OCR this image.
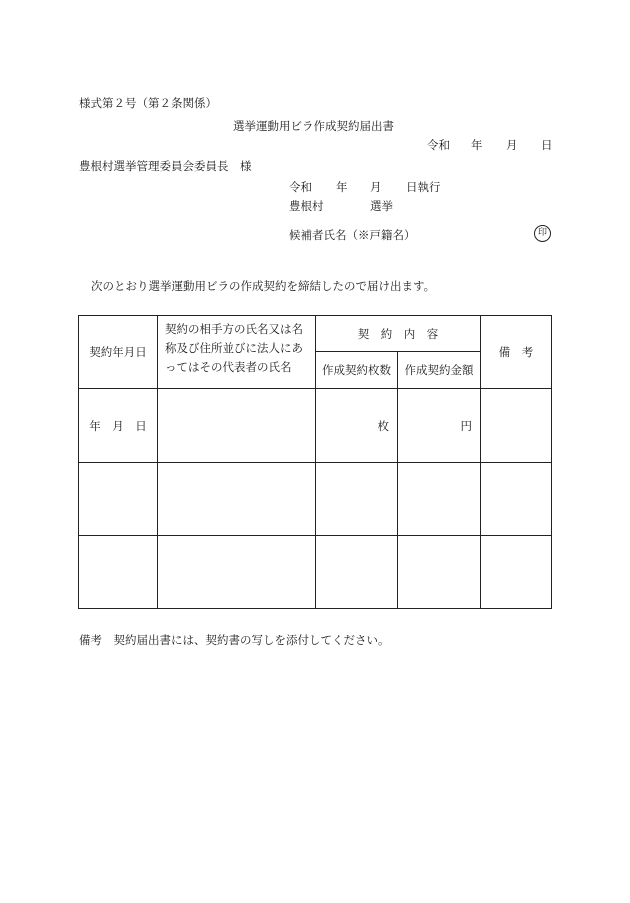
様式第２号（第２条関係）
選挙運動用ビラ作成契約届出書
令和 年 月 日
豊根村選挙管理委員会委員長　様
令和 年 月 日執行
豊根村	選挙
候補者氏名（※戸籍名）	印
次のとおり選挙運動用ビラの作成契約を締結したので届け出ます。
契約年月日	契約の相手方の氏名又は名称及び住所並びに法人にあってはその代表者の氏名	契　約　内　容		備　考
		作成契約枚数	作成契約金額	
年　月　日		枚	円	

備考　契約届出書には、契約書の写しを添付してください。
